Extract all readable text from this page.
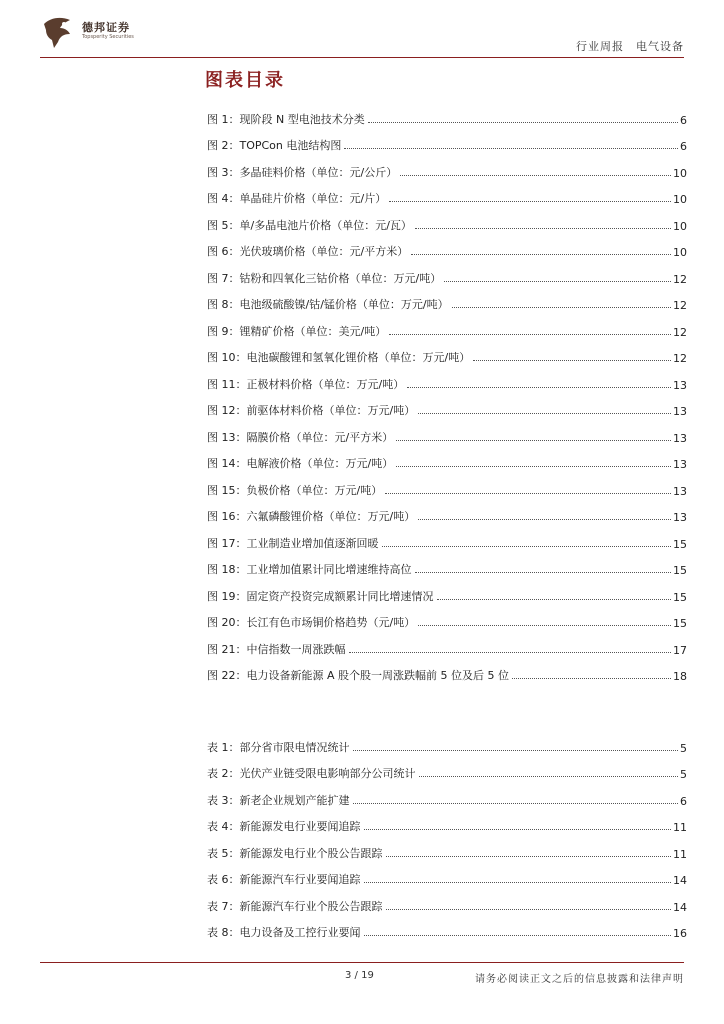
德邦证券
Topsperity Securities
行业周报　电气设备
图表目录
图 1：现阶段 N 型电池技术分类	6
图 2：TOPCon 电池结构图	6
图 3：多晶硅料价格（单位：元/公斤）	10
图 4：单晶硅片价格（单位：元/片）	10
图 5：单/多晶电池片价格（单位：元/瓦）	10
图 6：光伏玻璃价格（单位：元/平方米）	10
图 7：钴粉和四氧化三钴价格（单位：万元/吨）	12
图 8：电池级硫酸镍/钴/锰价格（单位：万元/吨）	12
图 9：锂精矿价格（单位：美元/吨）	12
图 10：电池碳酸锂和氢氧化锂价格（单位：万元/吨）	12
图 11：正极材料价格（单位：万元/吨）	13
图 12：前驱体材料价格（单位：万元/吨）	13
图 13：隔膜价格（单位：元/平方米）	13
图 14：电解液价格（单位：万元/吨）	13
图 15：负极价格（单位：万元/吨）	13
图 16：六氟磷酸锂价格（单位：万元/吨）	13
图 17：工业制造业增加值逐渐回暖	15
图 18：工业增加值累计同比增速维持高位	15
图 19：固定资产投资完成额累计同比增速情况	15
图 20：长江有色市场铜价格趋势（元/吨）	15
图 21：中信指数一周涨跌幅	17
图 22：电力设备新能源 A 股个股一周涨跌幅前 5 位及后 5 位	18
表 1：部分省市限电情况统计	5
表 2：光伏产业链受限电影响部分公司统计	5
表 3：新老企业规划产能扩建	6
表 4：新能源发电行业要闻追踪	11
表 5：新能源发电行业个股公告跟踪	11
表 6：新能源汽车行业要闻追踪	14
表 7：新能源汽车行业个股公告跟踪	14
表 8：电力设备及工控行业要闻	16
3 / 19	请务必阅读正文之后的信息披露和法律声明
